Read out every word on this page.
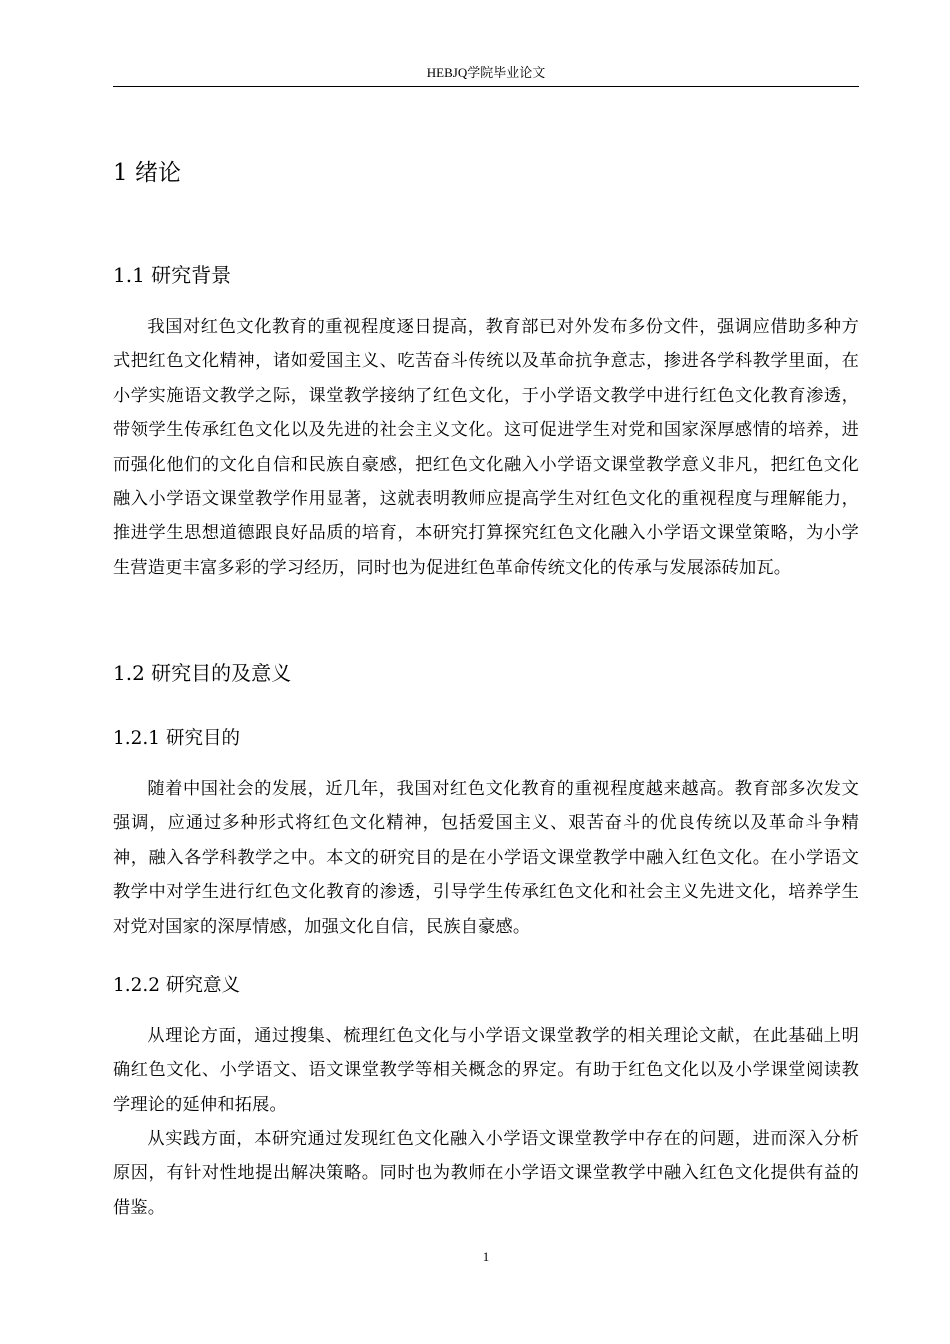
HEBJQ学院毕业论文
1 绪论
1.1 研究背景

我国对红色文化教育的重视程度逐日提高，教育部已对外发布多份文件，强调应借助多种方式把红色文化精神，诸如爱国主义、吃苦奋斗传统以及革命抗争意志，掺进各学科教学里面，在小学实施语文教学之际，课堂教学接纳了红色文化，于小学语文教学中进行红色文化教育渗透，带领学生传承红色文化以及先进的社会主义文化。这可促进学生对党和国家深厚感情的培养，进而强化他们的文化自信和民族自豪感，把红色文化融入小学语文课堂教学意义非凡，把红色文化融入小学语文课堂教学作用显著，这就表明教师应提高学生对红色文化的重视程度与理解能力，推进学生思想道德跟良好品质的培育，本研究打算探究红色文化融入小学语文课堂策略，为小学生营造更丰富多彩的学习经历，同时也为促进红色革命传统文化的传承与发展添砖加瓦。

1.2 研究目的及意义
1.2.1 研究目的

随着中国社会的发展，近几年，我国对红色文化教育的重视程度越来越高。教育部多次发文强调，应通过多种形式将红色文化精神，包括爱国主义、艰苦奋斗的优良传统以及革命斗争精神，融入各学科教学之中。本文的研究目的是在小学语文课堂教学中融入红色文化。在小学语文教学中对学生进行红色文化教育的渗透，引导学生传承红色文化和社会主义先进文化，培养学生对党对国家的深厚情感，加强文化自信，民族自豪感。

1.2.2 研究意义

从理论方面，通过搜集、梳理红色文化与小学语文课堂教学的相关理论文献，在此基础上明确红色文化、小学语文、语文课堂教学等相关概念的界定。有助于红色文化以及小学课堂阅读教学理论的延伸和拓展。

从实践方面，本研究通过发现红色文化融入小学语文课堂教学中存在的问题，进而深入分析原因，有针对性地提出解决策略。同时也为教师在小学语文课堂教学中融入红色文化提供有益的借鉴。

1
